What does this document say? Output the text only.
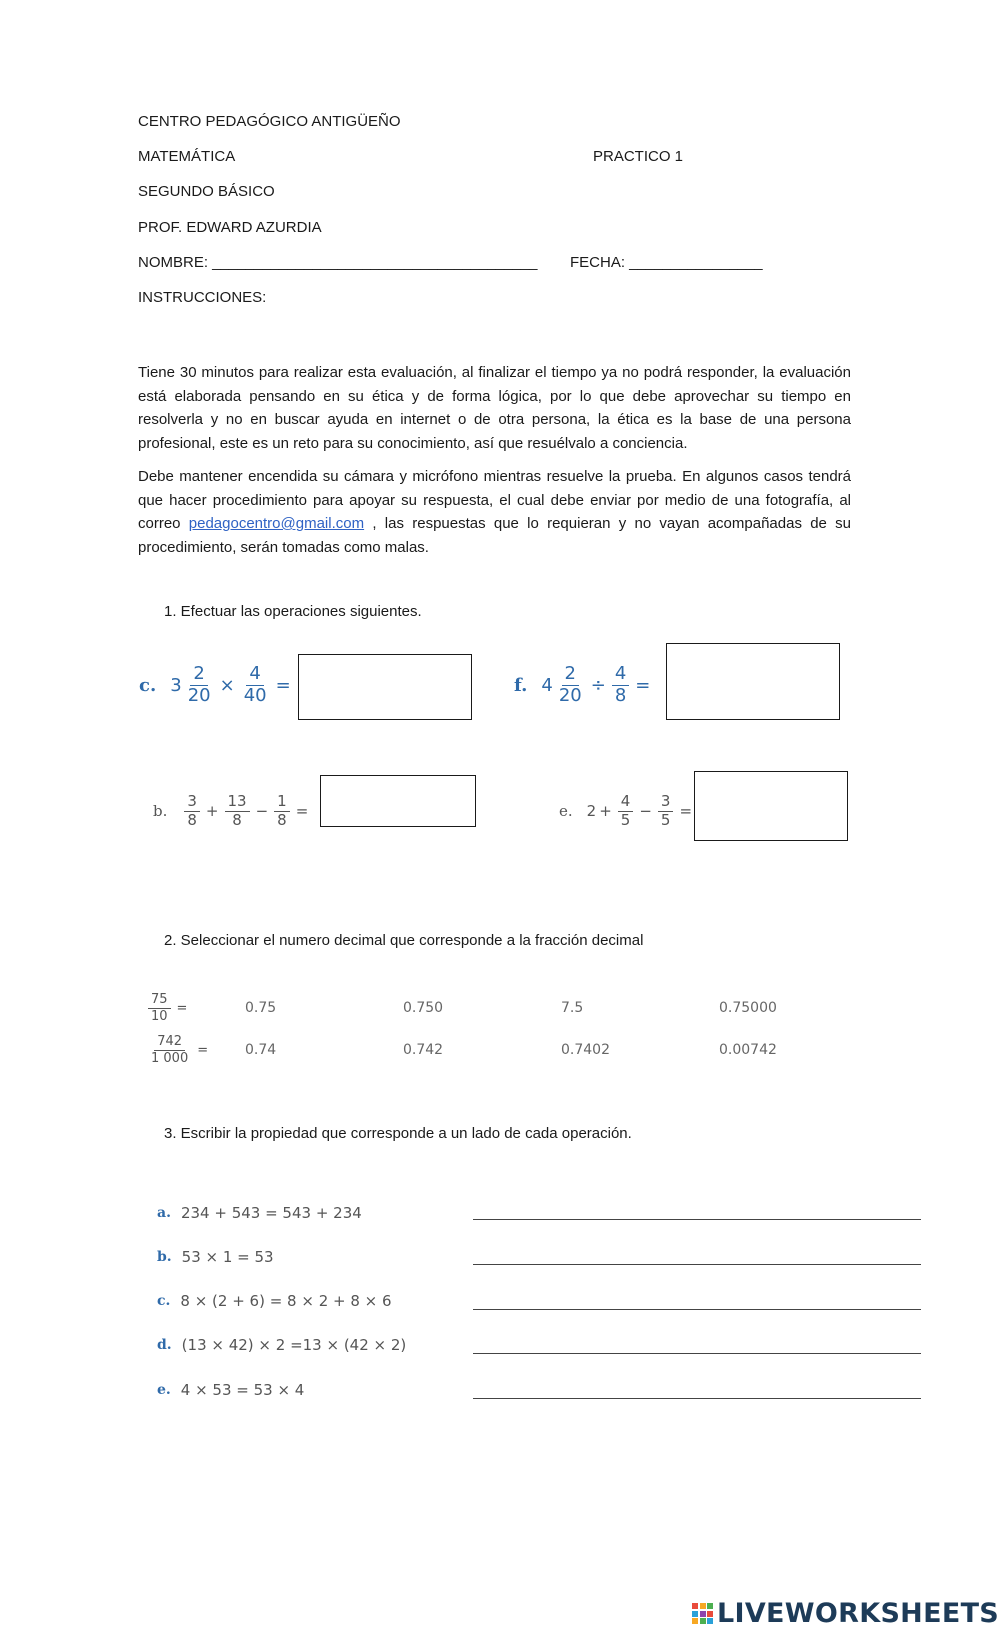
CENTRO PEDAGÓGICO ANTIGÜEÑO
MATEMÁTICA	PRACTICO 1
SEGUNDO BÁSICO
PROF. EDWARD AZURDIA
NOMBRE: _______________________________________ FECHA: ________________
INSTRUCCIONES:
Tiene 30 minutos para realizar esta evaluación, al finalizar el tiempo ya no podrá responder, la evaluación está elaborada pensando en su ética y de forma lógica, por lo que debe aprovechar su tiempo en resolverla y no en buscar ayuda en internet o de otra persona, la ética es la base de una persona profesional, este es un reto para su conocimiento, así que resuélvalo a conciencia.
Debe mantener encendida su cámara y micrófono mientras resuelve la prueba. En algunos casos tendrá que hacer procedimiento para apoyar su respuesta, el cual debe enviar por medio de una fotografía, al correo pedagocentro@gmail.com , las respuestas que lo requieran y no vayan acompañadas de su procedimiento, serán tomadas como malas.
1. Efectuar las operaciones siguientes.
c. $3 \frac{2}{20} \times \frac{4}{40}$ =	f. $4 \frac{2}{20} \div \frac{4}{8}$ =
b. $\frac{3}{8} + \frac{13}{8} - \frac{1}{8}$ =	e. $2 + \frac{4}{5} - \frac{3}{5}$ =
2. Seleccionar el numero decimal que corresponde a la fracción decimal
$\frac{75}{10}$ =	0.75	0.750	7.5	0.75000
$\frac{742}{1 000}$ =	0.74	0.742	0.7402	0.00742
3. Escribir la propiedad que corresponde a un lado de cada operación.
a. 234 + 543 = 543 + 234
b. 53 × 1 = 53
c. 8 × (2 + 6) = 8 × 2 + 8 × 6
d. (13 × 42) × 2 =13 × (42 × 2)
e. 4 × 53 = 53 × 4
LIVEWORKSHEETS
